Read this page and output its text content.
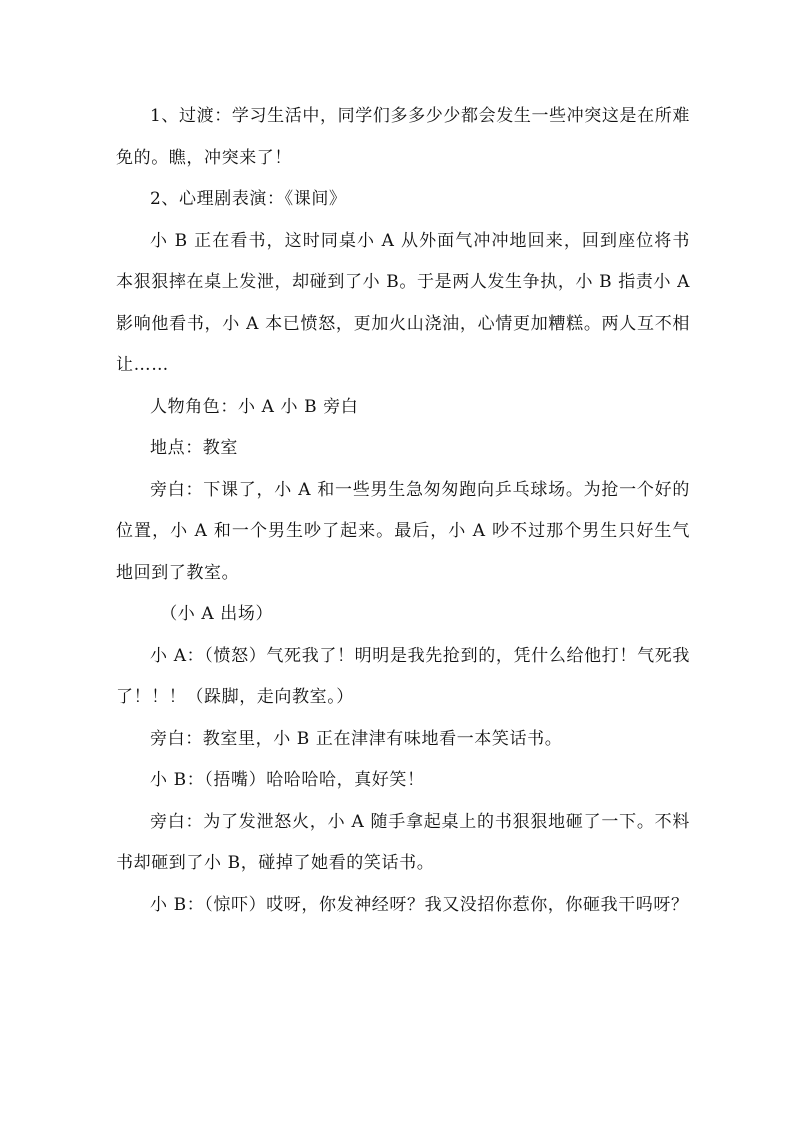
1、过渡：学习生活中，同学们多多少少都会发生一些冲突这是在所难免的。瞧，冲突来了！

2、心理剧表演：《课间》

小 B 正在看书，这时同桌小 A 从外面气冲冲地回来，回到座位将书本狠狠摔在桌上发泄，却碰到了小 B。于是两人发生争执，小 B 指责小 A 影响他看书，小 A 本已愤怒，更加火山浇油，心情更加糟糕。两人互不相让……

人物角色：小 A 小 B 旁白

地点：教室

旁白：下课了，小 A 和一些男生急匆匆跑向乒乓球场。为抢一个好的位置，小 A 和一个男生吵了起来。最后，小 A 吵不过那个男生只好生气地回到了教室。

（小 A 出场）

小 A：（愤怒）气死我了！明明是我先抢到的，凭什么给他打！气死我了！！！（跺脚，走向教室。）

旁白：教室里，小 B 正在津津有味地看一本笑话书。

小 B：（捂嘴）哈哈哈哈，真好笑！

旁白：为了发泄怒火，小 A 随手拿起桌上的书狠狠地砸了一下。不料书却砸到了小 B，碰掉了她看的笑话书。

小 B：（惊吓）哎呀，你发神经呀？我又没招你惹你，你砸我干吗呀？
